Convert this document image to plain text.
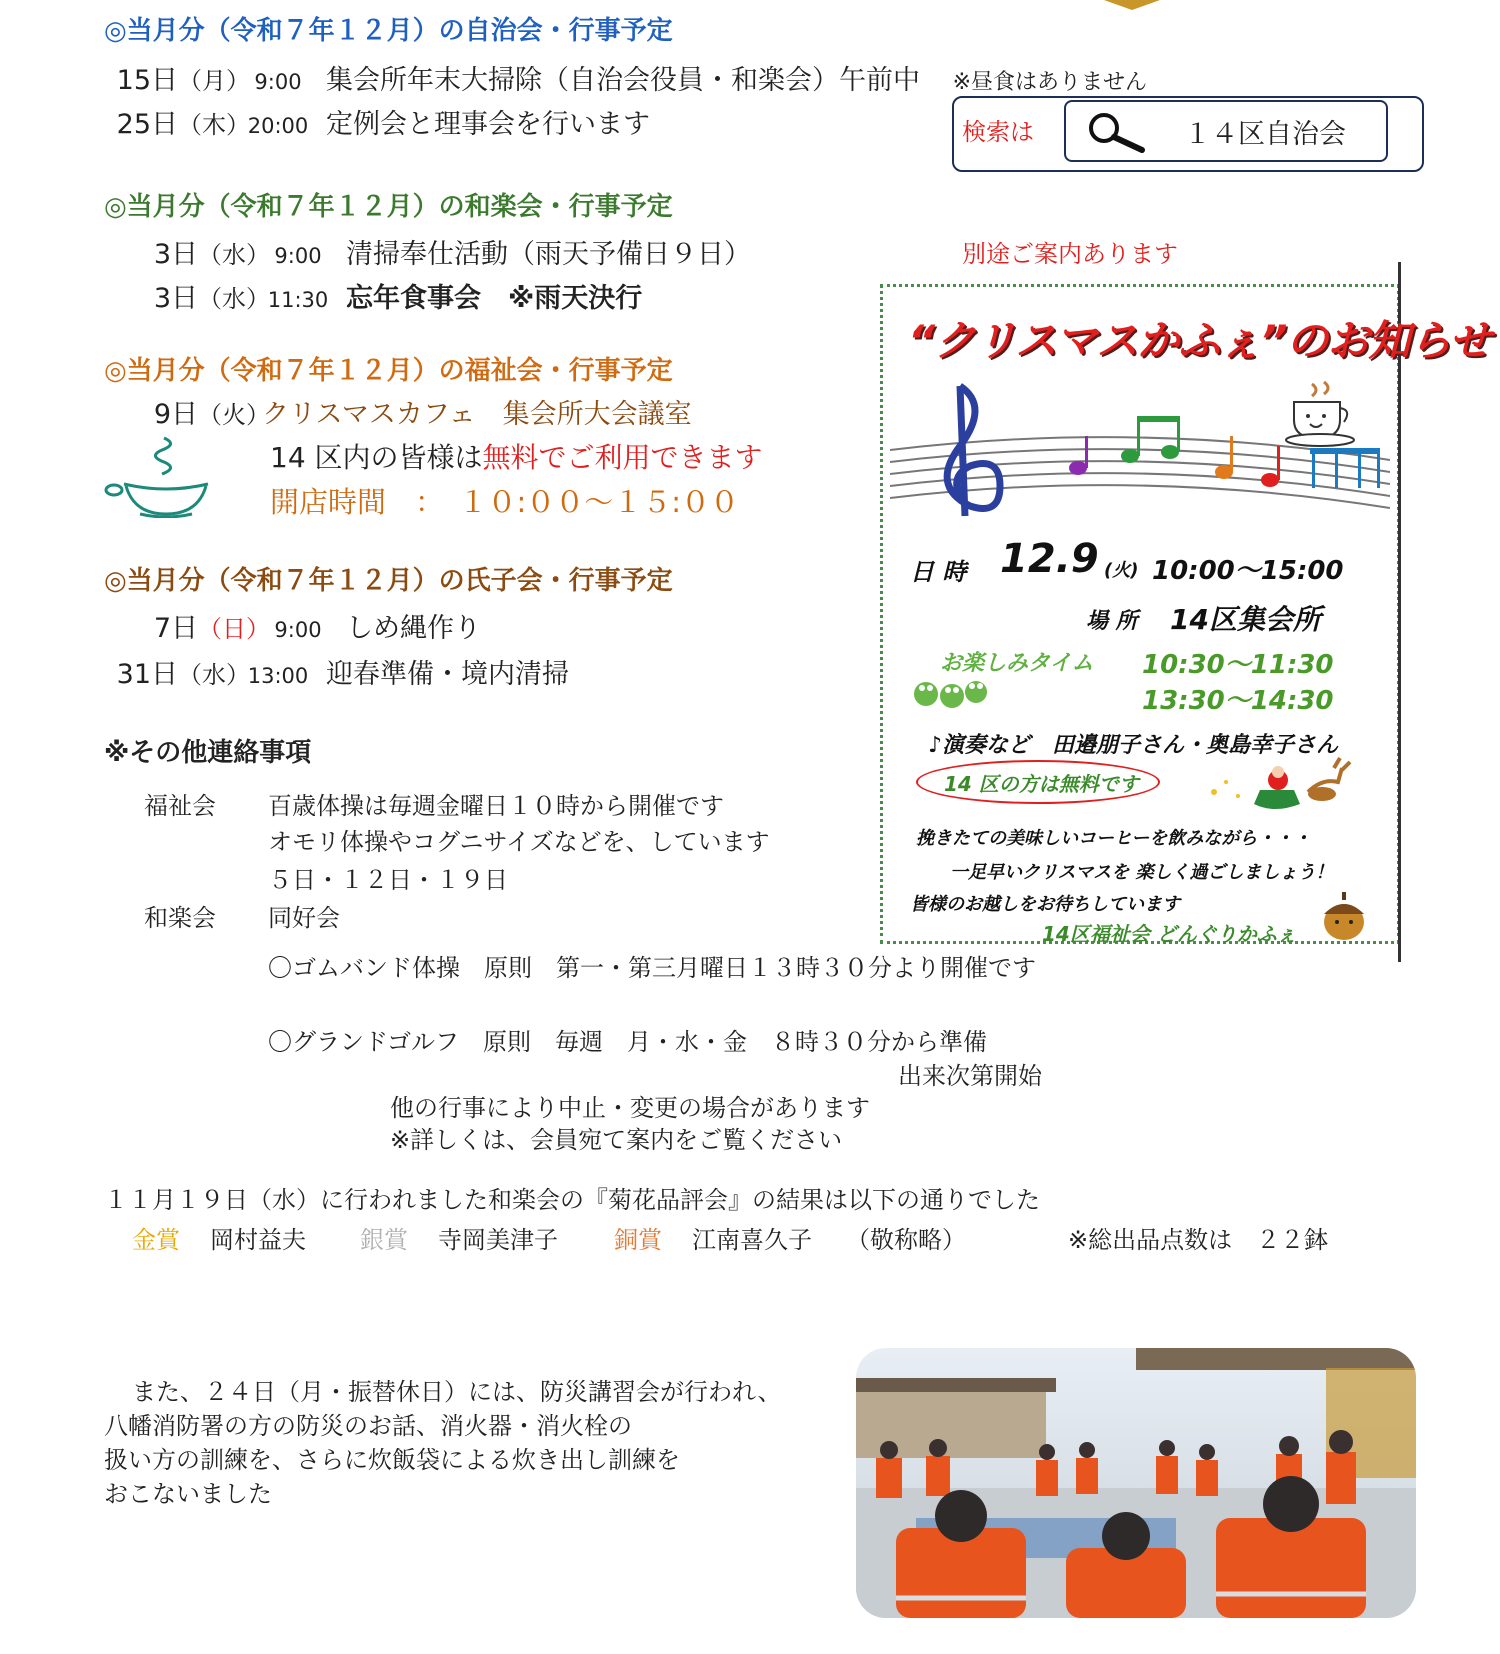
◎当月分（令和７年１２月）の自治会・行事予定
15日（月） 9:00 集会所年末大掃除（自治会役員・和楽会）午前中 ※昼食はありません
25日（木）20:00 定例会と理事会を行います	検索は	１４区自治会
◎当月分（令和７年１２月）の和楽会・行事予定
3日（水） 9:00 清掃奉仕活動（雨天予備日９日）	別途ご案内あります
3日（水）11:30 忘年食事会　※雨天決行
◎当月分（令和７年１２月）の福祉会・行事予定
9日（火）クリスマスカフェ　集会所大会議室
14 区内の皆様は無料でご利用できます
開店時間　：　１０:００～１５:００
◎当月分（令和７年１２月）の氏子会・行事予定
7日（日） 9:00 しめ縄作り
31日（水）13:00 迎春準備・境内清掃
※その他連絡事項
福祉会 百歳体操は毎週金曜日１０時から開催です
オモリ体操やコグニサイズなどを、しています
５日・１２日・１９日
和楽会 同好会
〇ゴムバンド体操　原則　第一・第三月曜日１３時３０分より開催です
〇グランドゴルフ　原則　毎週　月・水・金　８時３０分から準備
出来次第開始
他の行事により中止・変更の場合があります
※詳しくは、会員宛て案内をご覧ください
１１月１９日（水）に行われました和楽会の『菊花品評会』の結果は以下の通りでした
金賞 岡村益夫 銀賞 寺岡美津子 銅賞 江南喜久子 （敬称略）	※総出品点数は　２２鉢
また、２４日（月・振替休日）には、防災講習会が行われ、
八幡消防署の方の防災のお話、消火器・消火栓の
扱い方の訓練を、さらに炊飯袋による炊き出し訓練を
おこないました
“クリスマスかふぇ”のお知らせ
日 時 12.9 (火) 10:00～15:00
場 所 14区集会所
お楽しみタイム 10:30～11:30
13:30～14:30
♪演奏など　田邉朋子さん・奥島幸子さん
14 区の方は無料です
挽きたての美味しいコーヒーを飲みながら・・・
一足早いクリスマスを 楽しく過ごしましょう！
皆様のお越しをお待ちしています
14区福祉会 どんぐりかふぇ
